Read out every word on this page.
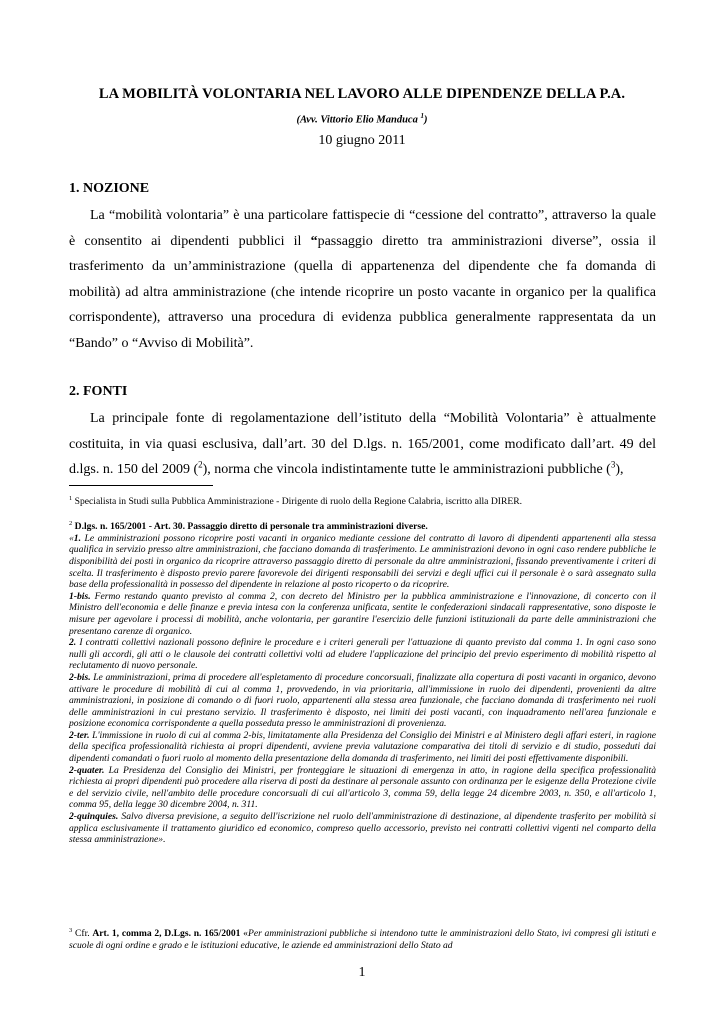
LA MOBILITÀ VOLONTARIA NEL LAVORO ALLE DIPENDENZE DELLA P.A.
(Avv. Vittorio Elio Manduca $^1$)
10 giugno 2011
1. NOZIONE

La “mobilità volontaria” è una particolare fattispecie di “cessione del contratto”, attraverso la quale è consentito ai dipendenti pubblici il “passaggio diretto tra amministrazioni diverse”, ossia il trasferimento da un’amministrazione (quella di appartenenza del dipendente che fa domanda di mobilità) ad altra amministrazione (che intende ricoprire un posto vacante in organico per la qualifica corrispondente), attraverso una procedura di evidenza pubblica generalmente rappresentata da un “Bando” o “Avviso di Mobilità”.

2. FONTI

La principale fonte di regolamentazione dell’istituto della “Mobilità Volontaria” è attualmente costituita, in via quasi esclusiva, dall’art. 30 del D.lgs. n. 165/2001, come modificato dall’art. 49 del d.lgs. n. 150 del 2009 ($^2$), norma che vincola indistintamente tutte le amministrazioni pubbliche ($^3$),

$^1$ Specialista in Studi sulla Pubblica Amministrazione - Dirigente di ruolo della Regione Calabria, iscritto alla DIRER.
$^2$ D.lgs. n. 165/2001 - Art. 30. Passaggio diretto di personale tra amministrazioni diverse.
«1. Le amministrazioni possono ricoprire posti vacanti in organico mediante cessione del contratto di lavoro di dipendenti appartenenti alla stessa qualifica in servizio presso altre amministrazioni, che facciano domanda di trasferimento. Le amministrazioni devono in ogni caso rendere pubbliche le disponibilità dei posti in organico da ricoprire attraverso passaggio diretto di personale da altre amministrazioni, fissando preventivamente i criteri di scelta. Il trasferimento è disposto previo parere favorevole dei dirigenti responsabili dei servizi e degli uffici cui il personale è o sarà assegnato sulla base della professionalità in possesso del dipendente in relazione al posto ricoperto o da ricoprire.
1-bis. Fermo restando quanto previsto al comma 2, con decreto del Ministro per la pubblica amministrazione e l'innovazione, di concerto con il Ministro dell'economia e delle finanze e previa intesa con la conferenza unificata, sentite le confederazioni sindacali rappresentative, sono disposte le misure per agevolare i processi di mobilità, anche volontaria, per garantire l'esercizio delle funzioni istituzionali da parte delle amministrazioni che presentano carenze di organico.
2. I contratti collettivi nazionali possono definire le procedure e i criteri generali per l'attuazione di quanto previsto dal comma 1. In ogni caso sono nulli gli accordi, gli atti o le clausole dei contratti collettivi volti ad eludere l'applicazione del principio del previo esperimento di mobilità rispetto al reclutamento di nuovo personale.
2-bis. Le amministrazioni, prima di procedere all'espletamento di procedure concorsuali, finalizzate alla copertura di posti vacanti in organico, devono attivare le procedure di mobilità di cui al comma 1, provvedendo, in via prioritaria, all'immissione in ruolo dei dipendenti, provenienti da altre amministrazioni, in posizione di comando o di fuori ruolo, appartenenti alla stessa area funzionale, che facciano domanda di trasferimento nei ruoli delle amministrazioni in cui prestano servizio. Il trasferimento è disposto, nei limiti dei posti vacanti, con inquadramento nell'area funzionale e posizione economica corrispondente a quella posseduta presso le amministrazioni di provenienza.
2-ter. L'immissione in ruolo di cui al comma 2-bis, limitatamente alla Presidenza del Consiglio dei Ministri e al Ministero degli affari esteri, in ragione della specifica professionalità richiesta ai propri dipendenti, avviene previa valutazione comparativa dei titoli di servizio e di studio, posseduti dai dipendenti comandati o fuori ruolo al momento della presentazione della domanda di trasferimento, nei limiti dei posti effettivamente disponibili.
2-quater. La Presidenza del Consiglio dei Ministri, per fronteggiare le situazioni di emergenza in atto, in ragione della specifica professionalità richiesta ai propri dipendenti può procedere alla riserva di posti da destinare al personale assunto con ordinanza per le esigenze della Protezione civile e del servizio civile, nell'ambito delle procedure concorsuali di cui all'articolo 3, comma 59, della legge 24 dicembre 2003, n. 350, e all'articolo 1, comma 95, della legge 30 dicembre 2004, n. 311.
2-quinquies. Salvo diversa previsione, a seguito dell'iscrizione nel ruolo dell'amministrazione di destinazione, al dipendente trasferito per mobilità si applica esclusivamente il trattamento giuridico ed economico, compreso quello accessorio, previsto nei contratti collettivi vigenti nel comparto della stessa amministrazione».
$^3$ Cfr. Art. 1, comma 2, D.Lgs. n. 165/2001 «Per amministrazioni pubbliche si intendono tutte le amministrazioni dello Stato, ivi compresi gli istituti e scuole di ogni ordine e grado e le istituzioni educative, le aziende ed amministrazioni dello Stato ad
1
